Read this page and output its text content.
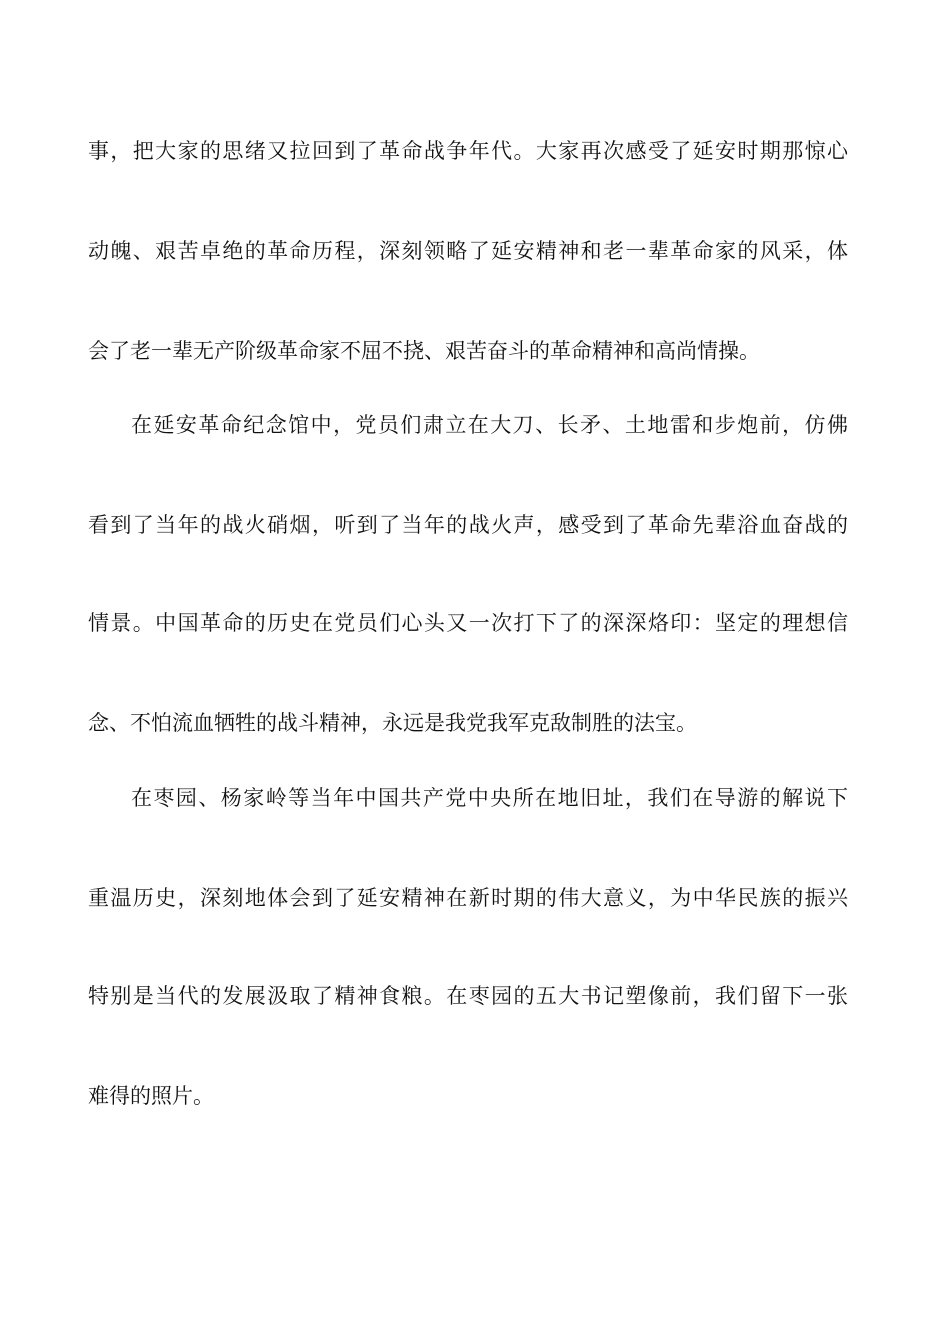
事，把大家的思绪又拉回到了革命战争年代。大家再次感受了延安时期那惊心
动魄、艰苦卓绝的革命历程，深刻领略了延安精神和老一辈革命家的风采，体
会了老一辈无产阶级革命家不屈不挠、艰苦奋斗的革命精神和高尚情操。
在延安革命纪念馆中，党员们肃立在大刀、长矛、土地雷和步炮前，仿佛
看到了当年的战火硝烟，听到了当年的战火声，感受到了革命先辈浴血奋战的
情景。中国革命的历史在党员们心头又一次打下了的深深烙印：坚定的理想信
念、不怕流血牺牲的战斗精神，永远是我党我军克敌制胜的法宝。
在枣园、杨家岭等当年中国共产党中央所在地旧址，我们在导游的解说下
重温历史，深刻地体会到了延安精神在新时期的伟大意义，为中华民族的振兴
特别是当代的发展汲取了精神食粮。在枣园的五大书记塑像前，我们留下一张
难得的照片。
